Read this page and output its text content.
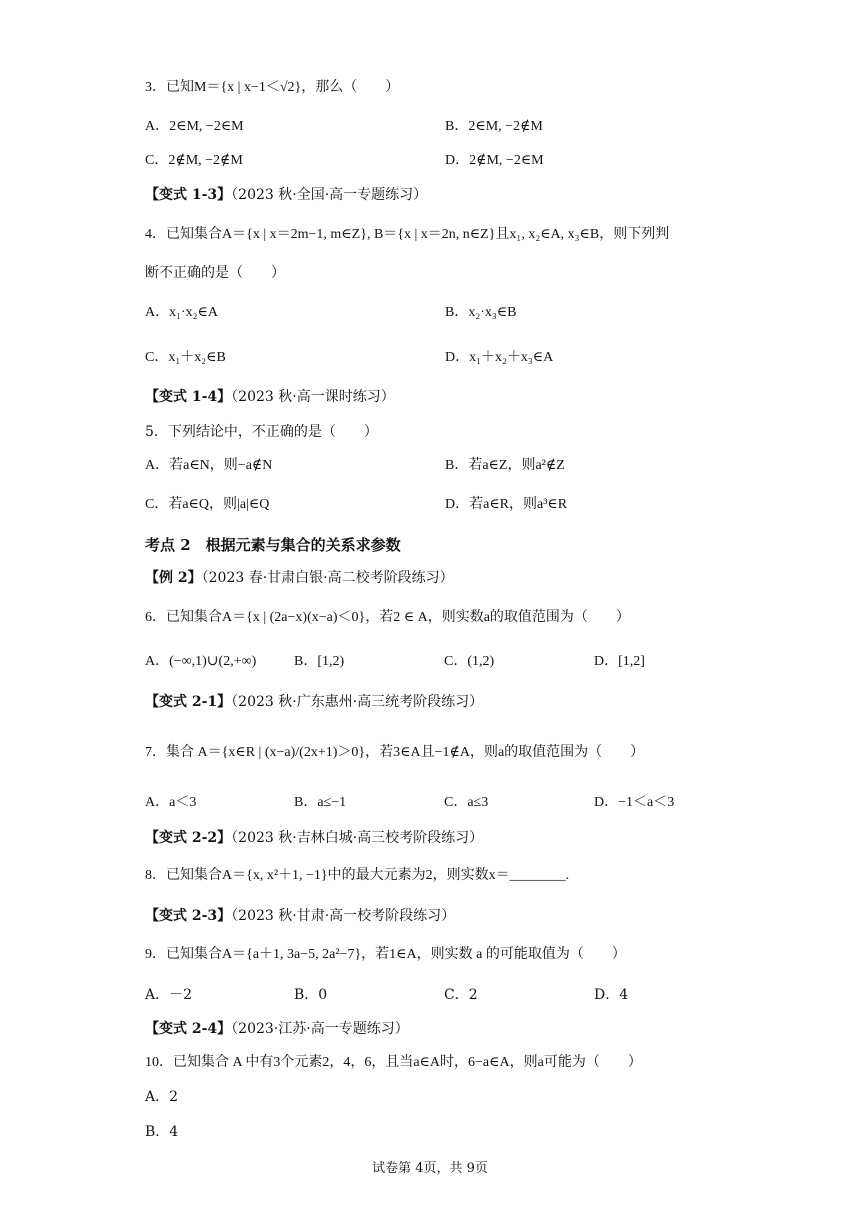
3．已知M＝{x | x−1＜√2}，那么（　　）
A．2∈M, −2∈M	B．2∈M, −2∉M
C．2∉M, −2∉M	D．2∉M, −2∈M
【变式 1-3】（2023 秋·全国·高一专题练习）
4．已知集合A＝{x | x＝2m−1, m∈Z}, B＝{x | x＝2n, n∈Z}且x₁, x₂∈A, x₃∈B，则下列判
断不正确的是（　　）
A．x₁·x₂∈A	B．x₂·x₃∈B
C．x₁＋x₂∈B	D．x₁＋x₂＋x₃∈A
【变式 1-4】（2023 秋·高一课时练习）
5．下列结论中，不正确的是（　　）
A．若a∈N，则−a∉N	B．若a∈Z，则a²∉Z
C．若a∈Q，则|a|∈Q	D．若a∈R，则a³∈R
考点 2　根据元素与集合的关系求参数
【例 2】（2023 春·甘肃白银·高二校考阶段练习）
6．已知集合A＝{x | (2a−x)(x−a)＜0}，若2 ∈ A，则实数a的取值范围为（　　）
A．(−∞,1)∪(2,+∞)	B．[1,2)	C．(1,2)	D．[1,2]
【变式 2-1】（2023 秋·广东惠州·高三统考阶段练习）
7．集合 A＝{x∈R | (x−a)/(2x+1)＞0}，若3∈A且−1∉A，则a的取值范围为（　　）
A．a＜3	B．a≤−1	C．a≤3	D．−1＜a＜3
【变式 2-2】（2023 秋·吉林白城·高三校考阶段练习）
8．已知集合A＝{x, x²＋1, −1}中的最大元素为2，则实数x＝________.
【变式 2-3】（2023 秋·甘肃·高一校考阶段练习）
9．已知集合A＝{a＋1, 3a−5, 2a²−7}，若1∈A，则实数 a 的可能取值为（　　）
A．－2	B．0	C．2	D．4
【变式 2-4】（2023·江苏·高一专题练习）
10．已知集合 A 中有3个元素2，4，6，且当a∈A时，6−a∈A，则a可能为（　　）
A．2
B．4
试卷第 4页，共 9页
